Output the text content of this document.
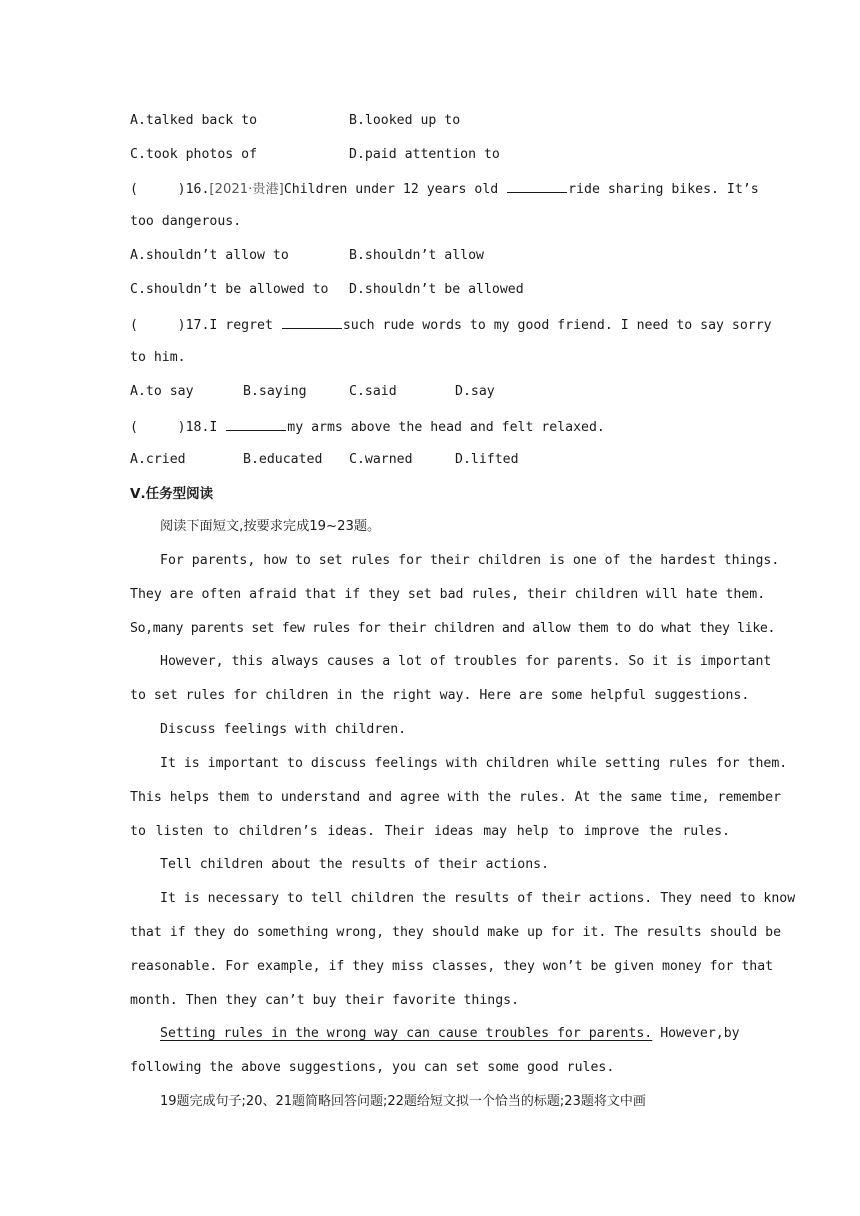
A.talked back to	B.looked up to
C.took photos of	D.paid attention to
(     )16.[2021·贵港]Children under 12 years old	ride sharing bikes. It’s
too dangerous.
A.shouldn’t allow to	B.shouldn’t allow
C.shouldn’t be allowed to D.shouldn’t be allowed
(     )17.I regret	such rude words to my good friend. I need to say sorry
to him.
A.to say	B.saying	C.said	D.say
(     )18.I	my arms above the head and felt relaxed.
A.cried	B.educated C.warned	D.lifted
Ⅴ.任务型阅读
阅读下面短文,按要求完成19~23题。
For parents, how to set rules for their children is one of the hardest things.
They are often afraid that if they set bad rules, their children will hate them.
So,many parents set few rules for their children and allow them to do what they like.
However, this always causes a lot of troubles for parents. So it is important
to set rules for children in the right way. Here are some helpful suggestions.
Discuss feelings with children.
It is important to discuss feelings with children while setting rules for them.
This helps them to understand and agree with the rules. At the same time, remember
to listen to children’s ideas. Their ideas may help to improve the rules.
Tell children about the results of their actions.
It is necessary to tell children the results of their actions. They need to know
that if they do something wrong, they should make up for it. The results should be
reasonable. For example, if they miss classes, they won’t be given money for that
month. Then they can’t buy their favorite things.
Setting rules in the wrong way can cause troubles for parents. However,by
following the above suggestions, you can set some good rules.
19题完成句子;20、21题简略回答问题;22题给短文拟一个恰当的标题;23题将文中画
